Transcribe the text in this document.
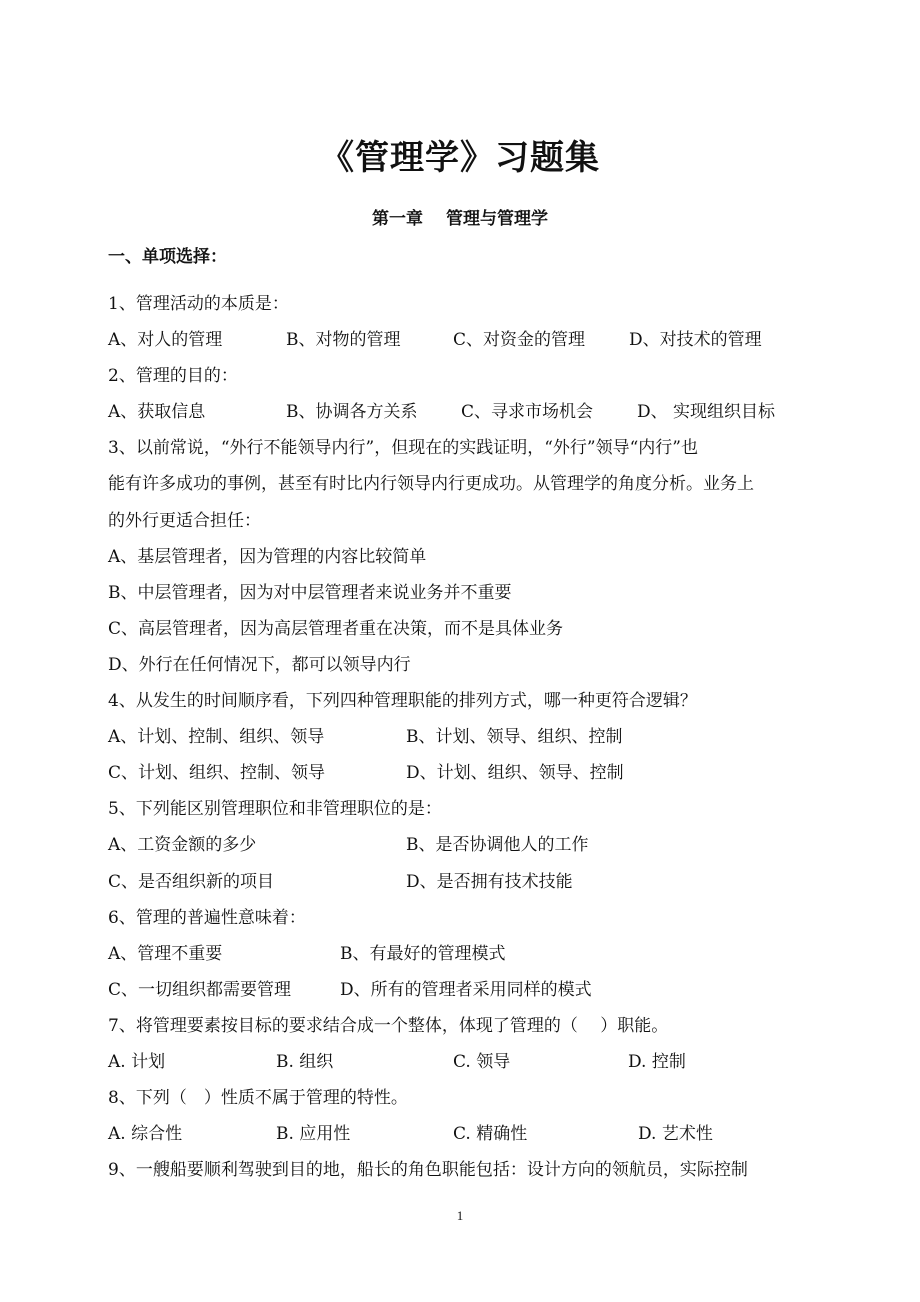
《管理学》习题集
第一章　 管理与管理学
一、单项选择：
1、管理活动的本质是：
A、对人的管理	B、对物的管理	C、对资金的管理	D、对技术的管理
2、管理的目的：
A、获取信息	B、协调各方关系	C、寻求市场机会	D、 实现组织目标
3、以前常说，“外行不能领导内行”，但现在的实践证明，“外行”领导“内行”也
能有许多成功的事例，甚至有时比内行领导内行更成功。从管理学的角度分析。业务上
的外行更适合担任：
A、基层管理者，因为管理的内容比较简单
B、中层管理者，因为对中层管理者来说业务并不重要
C、高层管理者，因为高层管理者重在决策，而不是具体业务
D、外行在任何情况下，都可以领导内行
4、从发生的时间顺序看，下列四种管理职能的排列方式，哪一种更符合逻辑？
A、计划、控制、组织、领导	B、计划、领导、组织、控制
C、计划、组织、控制、领导	D、计划、组织、领导、控制
5、下列能区别管理职位和非管理职位的是：
A、工资金额的多少	B、是否协调他人的工作
C、是否组织新的项目	D、是否拥有技术技能
6、管理的普遍性意味着：
A、管理不重要	B、有最好的管理模式
C、一切组织都需要管理	D、所有的管理者采用同样的模式
7、将管理要素按目标的要求结合成一个整体，体现了管理的（　 ）职能。
A. 计划	B. 组织	C. 领导	D. 控制
8、下列（　）性质不属于管理的特性。
A. 综合性	B. 应用性	C. 精确性	D. 艺术性
9、一艘船要顺利驾驶到目的地，船长的角色职能包括：设计方向的领航员，实际控制
1
